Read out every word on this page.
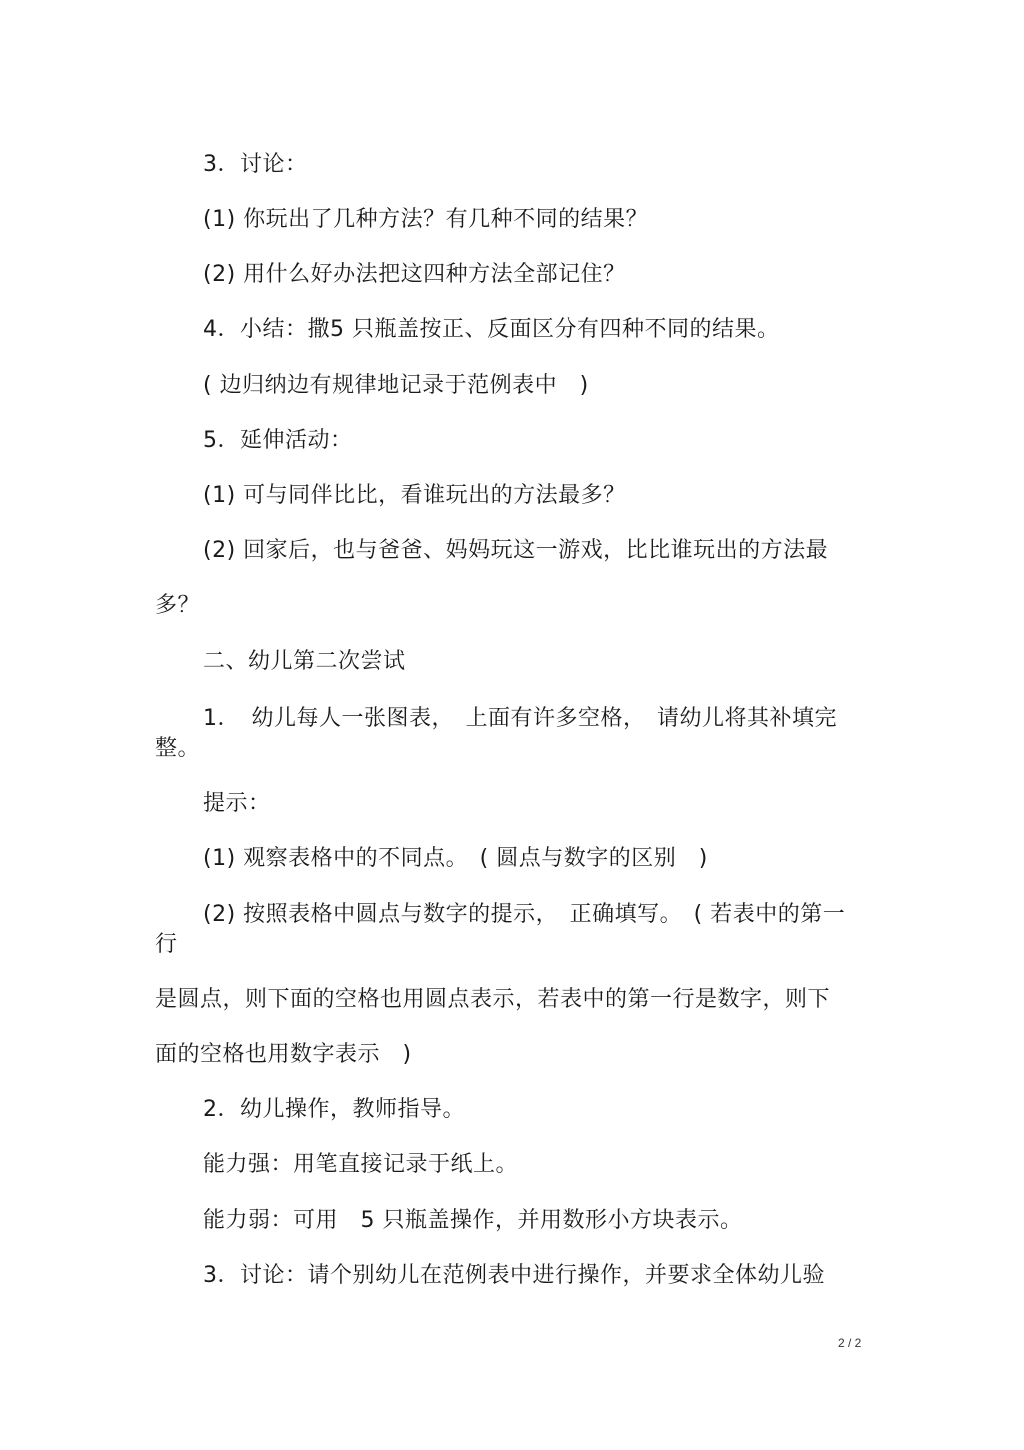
3．讨论：
(1) 你玩出了几种方法？有几种不同的结果？
(2) 用什么好办法把这四种方法全部记住？
4．小结：撒5 只瓶盖按正、反面区分有四种不同的结果。
( 边归纳边有规律地记录于范例表中　)
5．延伸活动：
(1) 可与同伴比比，看谁玩出的方法最多？
(2) 回家后，也与爸爸、妈妈玩这一游戏，比比谁玩出的方法最
多？
二、幼儿第二次尝试
1．　幼儿每人一张图表，　上面有许多空格，　请幼儿将其补填完
整。
提示：
(1) 观察表格中的不同点。　( 圆点与数字的区别　)
(2) 按照表格中圆点与数字的提示，　正确填写。　( 若表中的第一
行
是圆点，则下面的空格也用圆点表示，若表中的第一行是数字，则下
面的空格也用数字表示　)
2．幼儿操作，教师指导。
能力强：用笔直接记录于纸上。
能力弱：可用　5 只瓶盖操作，并用数形小方块表示。
3．讨论：请个别幼儿在范例表中进行操作，并要求全体幼儿验
2 / 2
